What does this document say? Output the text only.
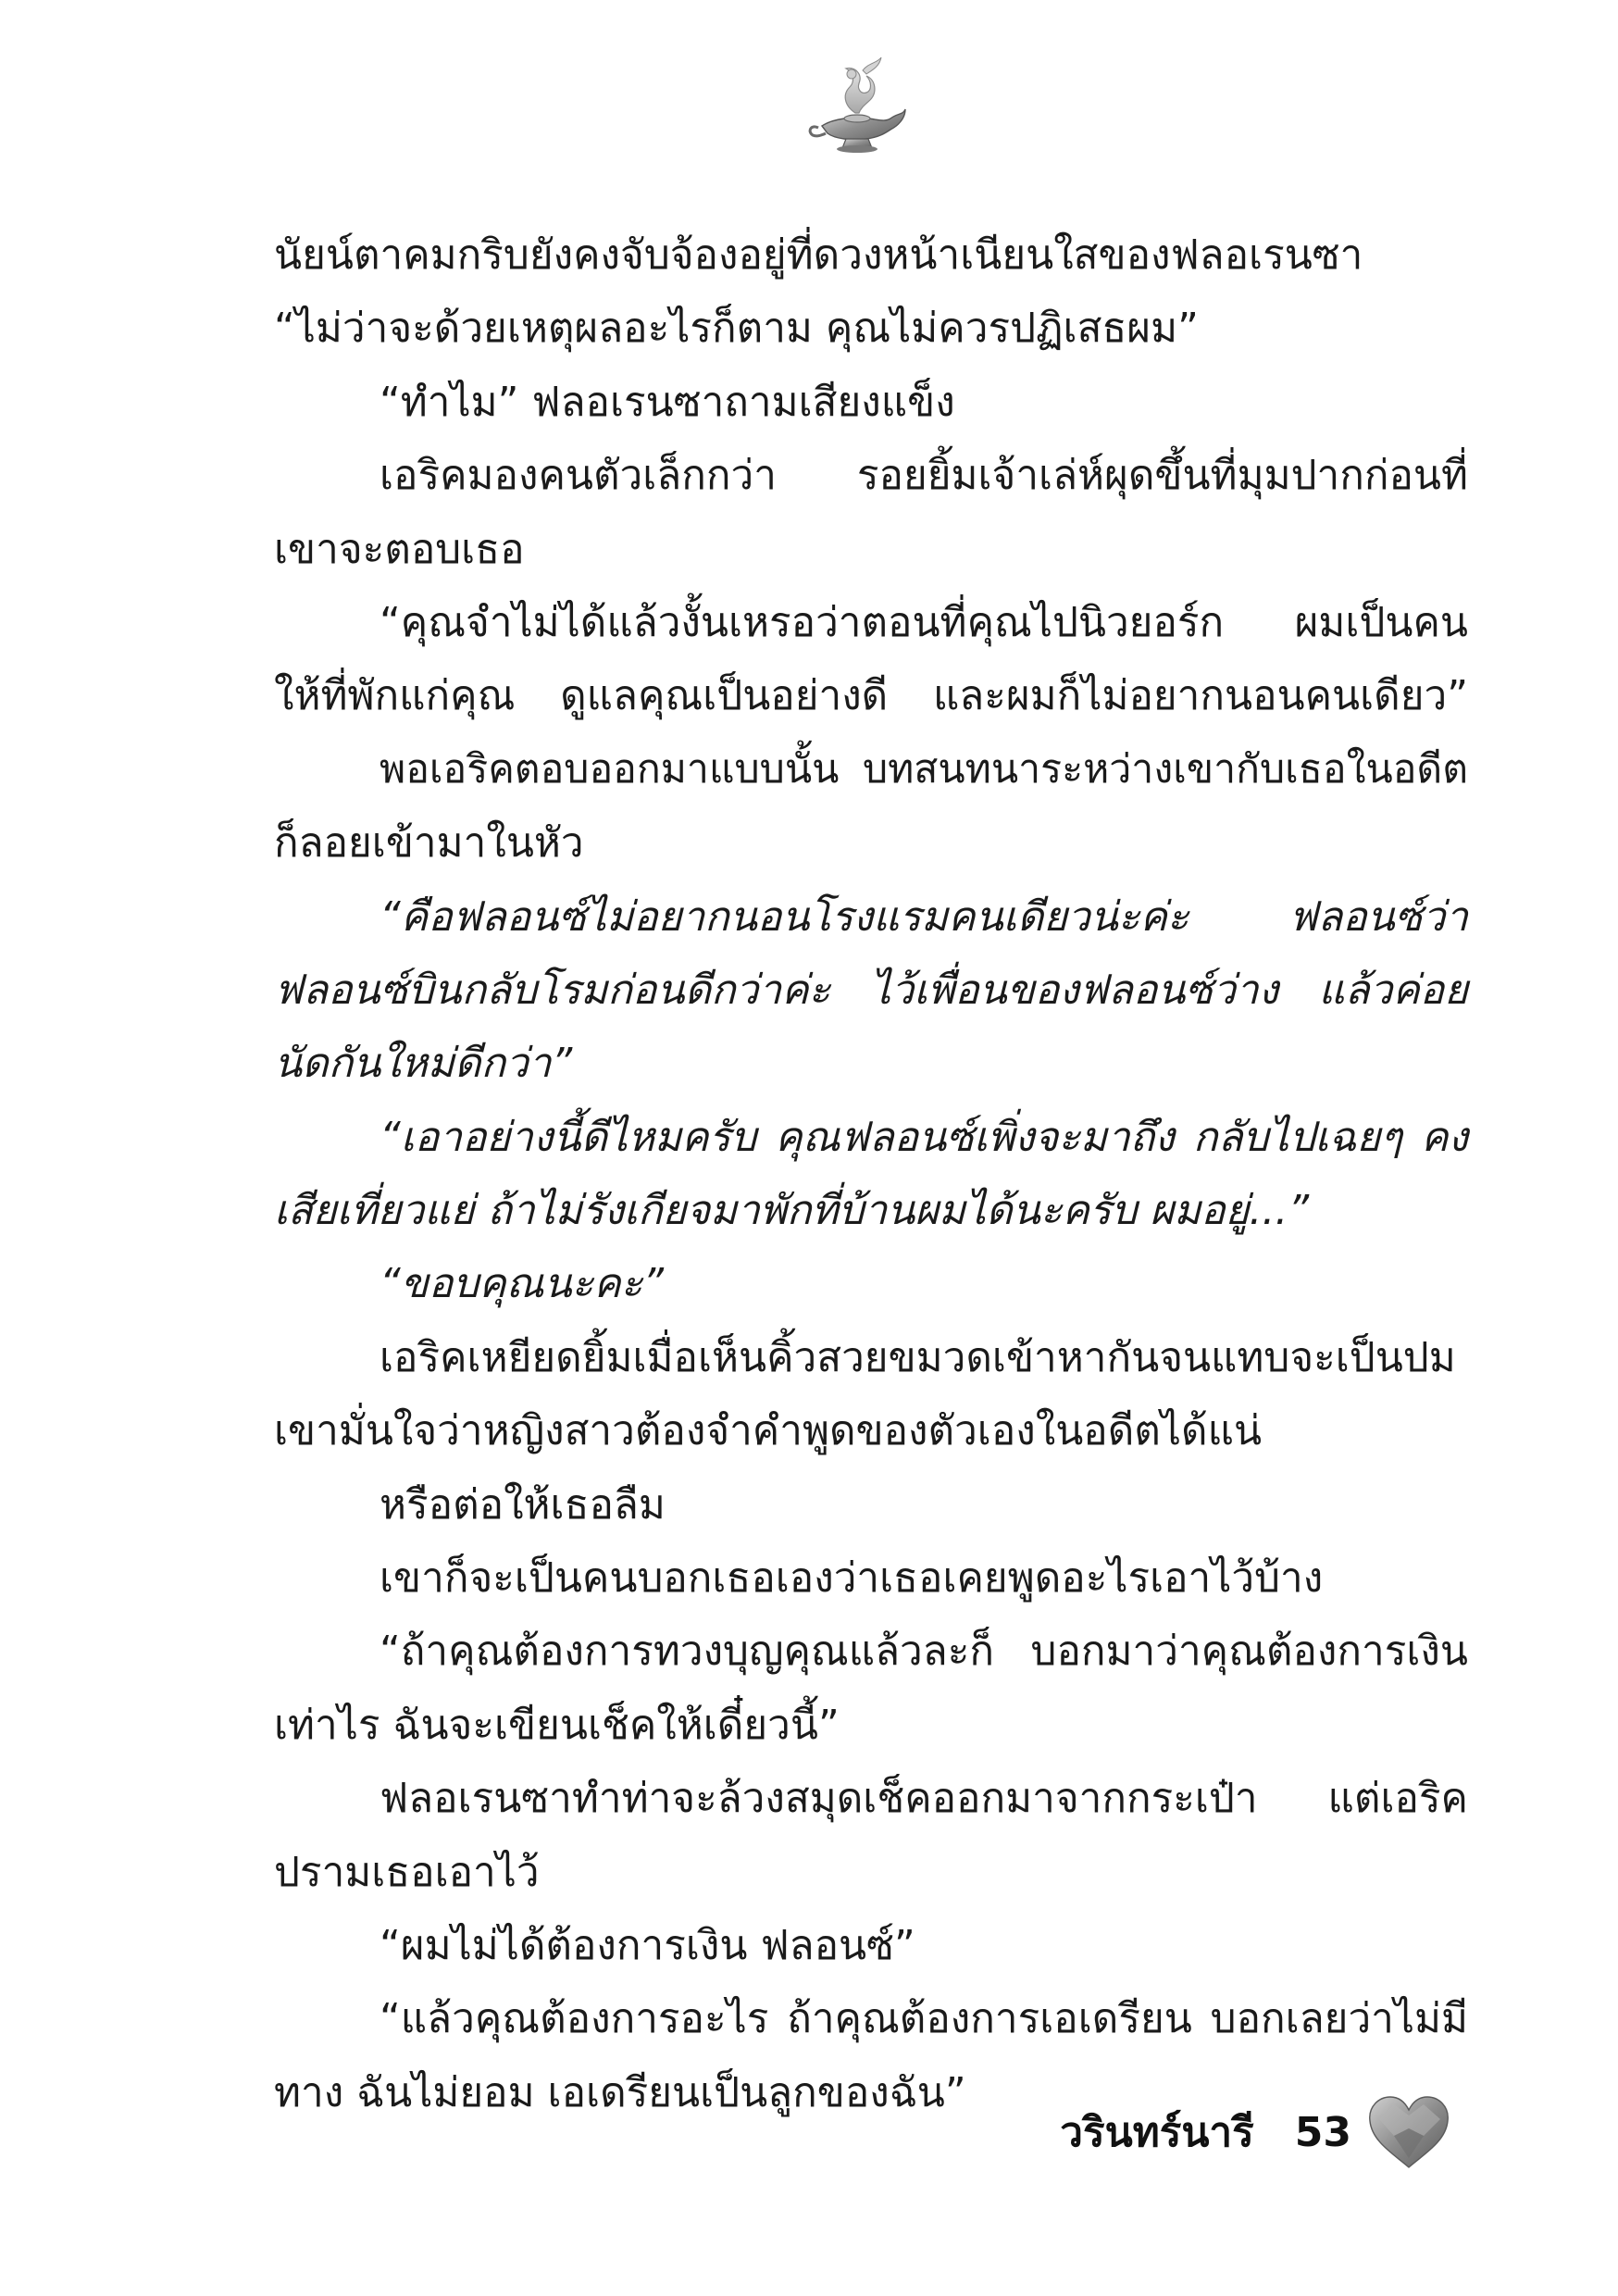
นัยน์ตาคมกริบยังคงจับจ้องอยู่ที่ดวงหน้าเนียนใสของฟลอเรนซา
“ไม่ว่าจะด้วยเหตุผลอะไรก็ตาม คุณไม่ควรปฏิเสธผม”
“ทำไม” ฟลอเรนซาถามเสียงแข็ง
เอริคมองคนตัวเล็กกว่า รอยยิ้มเจ้าเล่ห์ผุดขึ้นที่มุมปากก่อนที่
เขาจะตอบเธอ
“คุณจำไม่ได้แล้วงั้นเหรอว่าตอนที่คุณไปนิวยอร์ก ผมเป็นคน
ให้ที่พักแก่คุณ ดูแลคุณเป็นอย่างดี และผมก็ไม่อยากนอนคนเดียว”
พอเอริคตอบออกมาแบบนั้น บทสนทนาระหว่างเขากับเธอในอดีต
ก็ลอยเข้ามาในหัว
“คือฟลอนซ์ไม่อยากนอนโรงแรมคนเดียวน่ะค่ะ ฟลอนซ์ว่า
ฟลอนซ์บินกลับโรมก่อนดีกว่าค่ะ ไว้เพื่อนของฟลอนซ์ว่าง แล้วค่อย
นัดกันใหม่ดีกว่า”
“เอาอย่างนี้ดีไหมครับ คุณฟลอนซ์เพิ่งจะมาถึง กลับไปเฉยๆ คง
เสียเที่ยวแย่ ถ้าไม่รังเกียจมาพักที่บ้านผมได้นะครับ ผมอยู่...”
“ขอบคุณนะคะ”
เอริคเหยียดยิ้มเมื่อเห็นคิ้วสวยขมวดเข้าหากันจนแทบจะเป็นปม
เขามั่นใจว่าหญิงสาวต้องจำคำพูดของตัวเองในอดีตได้แน่
หรือต่อให้เธอลืม
เขาก็จะเป็นคนบอกเธอเองว่าเธอเคยพูดอะไรเอาไว้บ้าง
“ถ้าคุณต้องการทวงบุญคุณแล้วละก็ บอกมาว่าคุณต้องการเงิน
เท่าไร ฉันจะเขียนเช็คให้เดี๋ยวนี้”
ฟลอเรนซาทำท่าจะล้วงสมุดเช็คออกมาจากกระเป๋า แต่เอริค
ปรามเธอเอาไว้
“ผมไม่ได้ต้องการเงิน ฟลอนซ์”
“แล้วคุณต้องการอะไร ถ้าคุณต้องการเอเดรียน บอกเลยว่าไม่มี
ทาง ฉันไม่ยอม เอเดรียนเป็นลูกของฉัน”
วรินทร์นารี 53
